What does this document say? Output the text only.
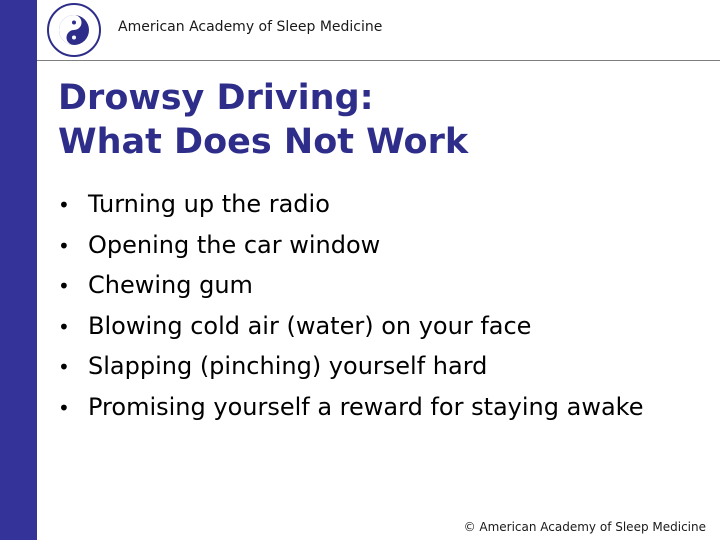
American Academy of Sleep Medicine
Drowsy Driving:
What Does Not Work
• Turning up the radio
• Opening the car window
• Chewing gum
• Blowing cold air (water) on your face
• Slapping (pinching) yourself hard
• Promising yourself a reward for staying awake
© American Academy of Sleep Medicine
